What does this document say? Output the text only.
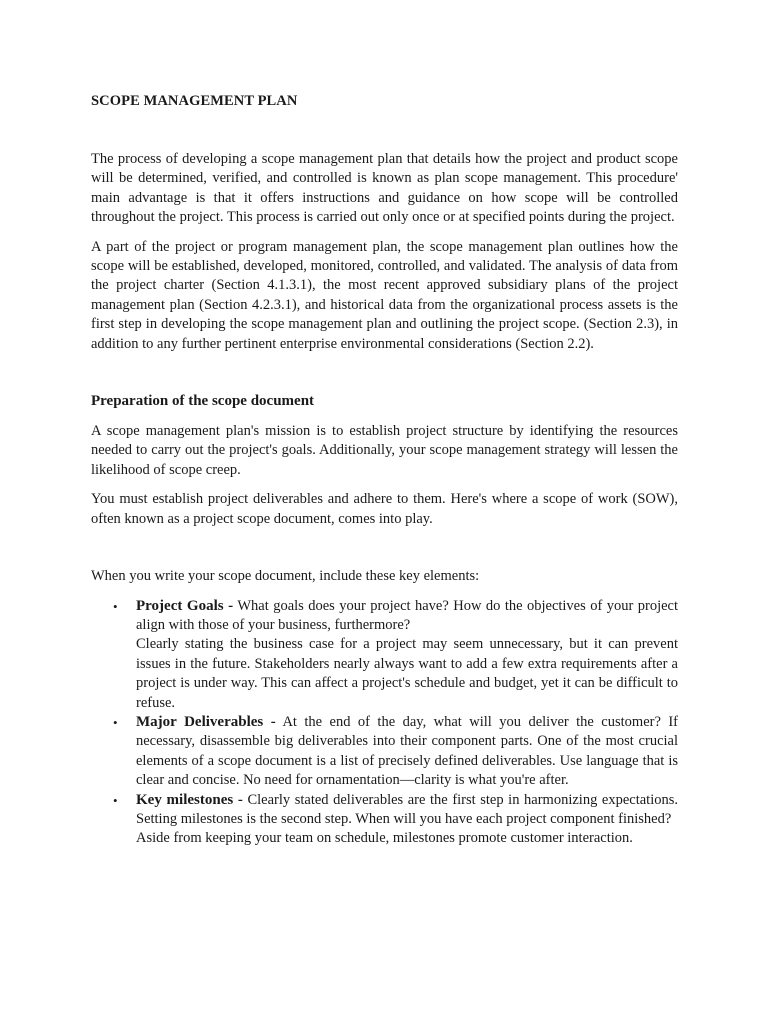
SCOPE MANAGEMENT PLAN

The process of developing a scope management plan that details how the project and product scope will be determined, verified, and controlled is known as plan scope management. This procedure' main advantage is that it offers instructions and guidance on how scope will be controlled throughout the project. This process is carried out only once or at specified points during the project.

A part of the project or program management plan, the scope management plan outlines how the scope will be established, developed, monitored, controlled, and validated. The analysis of data from the project charter (Section 4.1.3.1), the most recent approved subsidiary plans of the project management plan (Section 4.2.3.1), and historical data from the organizational process assets is the first step in developing the scope management plan and outlining the project scope. (Section 2.3), in addition to any further pertinent enterprise environmental considerations (Section 2.2).

Preparation of the scope document

A scope management plan's mission is to establish project structure by identifying the resources needed to carry out the project's goals. Additionally, your scope management strategy will lessen the likelihood of scope creep.

You must establish project deliverables and adhere to them. Here's where a scope of work (SOW), often known as a project scope document, comes into play.

When you write your scope document, include these key elements:

• Project Goals - What goals does your project have? How do the objectives of your project align with those of your business, furthermore?
Clearly stating the business case for a project may seem unnecessary, but it can prevent issues in the future. Stakeholders nearly always want to add a few extra requirements after a project is under way. This can affect a project's schedule and budget, yet it can be difficult to refuse.
• Major Deliverables - At the end of the day, what will you deliver the customer? If necessary, disassemble big deliverables into their component parts. One of the most crucial elements of a scope document is a list of precisely defined deliverables. Use language that is clear and concise. No need for ornamentation—clarity is what you're after.
• Key milestones - Clearly stated deliverables are the first step in harmonizing expectations. Setting milestones is the second step. When will you have each project component finished?
Aside from keeping your team on schedule, milestones promote customer interaction.
